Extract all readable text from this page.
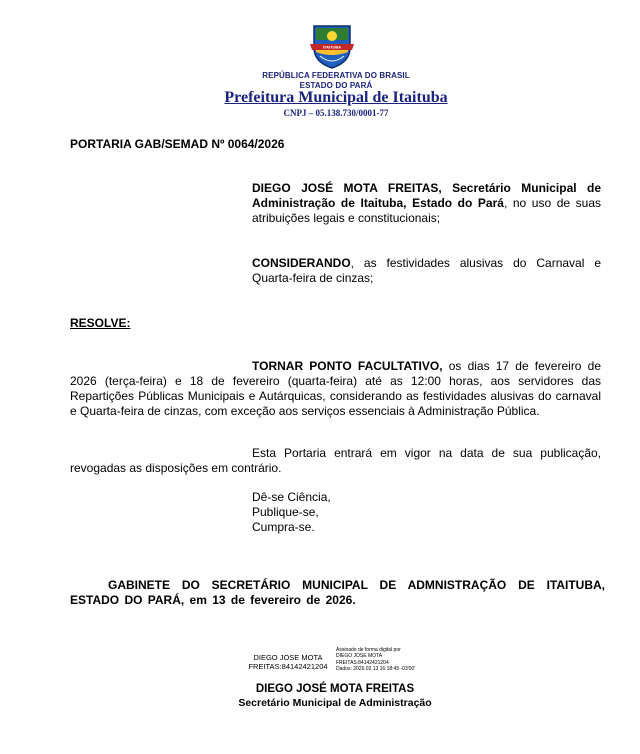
ITAITUBA
REPÚBLICA FEDERATIVA DO BRASIL
ESTADO DO PARÁ
Prefeitura Municipal de Itaituba
CNPJ – 05.138.730/0001-77
PORTARIA GAB/SEMAD Nº 0064/2026
DIEGO JOSÉ MOTA FREITAS, Secretário Municipal de Administração de Itaituba, Estado do Pará, no uso de suas atribuições legais e constitucionais;
CONSIDERANDO, as festividades alusivas do Carnaval e Quarta-feira de cinzas;
RESOLVE:
TORNAR PONTO FACULTATIVO, os dias 17 de fevereiro de 2026 (terça-feira) e 18 de fevereiro (quarta-feira) até as 12:00 horas, aos servidores das Repartições Públicas Municipais e Autárquicas, considerando as festividades alusivas do carnaval e Quarta-feira de cinzas, com exceção aos serviços essenciais à Administração Pública.
Esta Portaria entrará em vigor na data de sua publicação, revogadas as disposições em contrário.
Dê-se Ciência,
Publique-se,
Cumpra-se.
GABINETE DO SECRETÁRIO MUNICIPAL DE ADMNISTRAÇÃO DE ITAITUBA, ESTADO DO PARÁ, em 13 de fevereiro de 2026.
DIEGO JOSE MOTA
FREITAS:84142421204
Assinado de forma digital por
DIEGO JOSE MOTA
FREITAS:84142421204
Dados: 2026.02.13 16:18:45 -03'00'
DIEGO JOSÉ MOTA FREITAS
Secretário Municipal de Administração
